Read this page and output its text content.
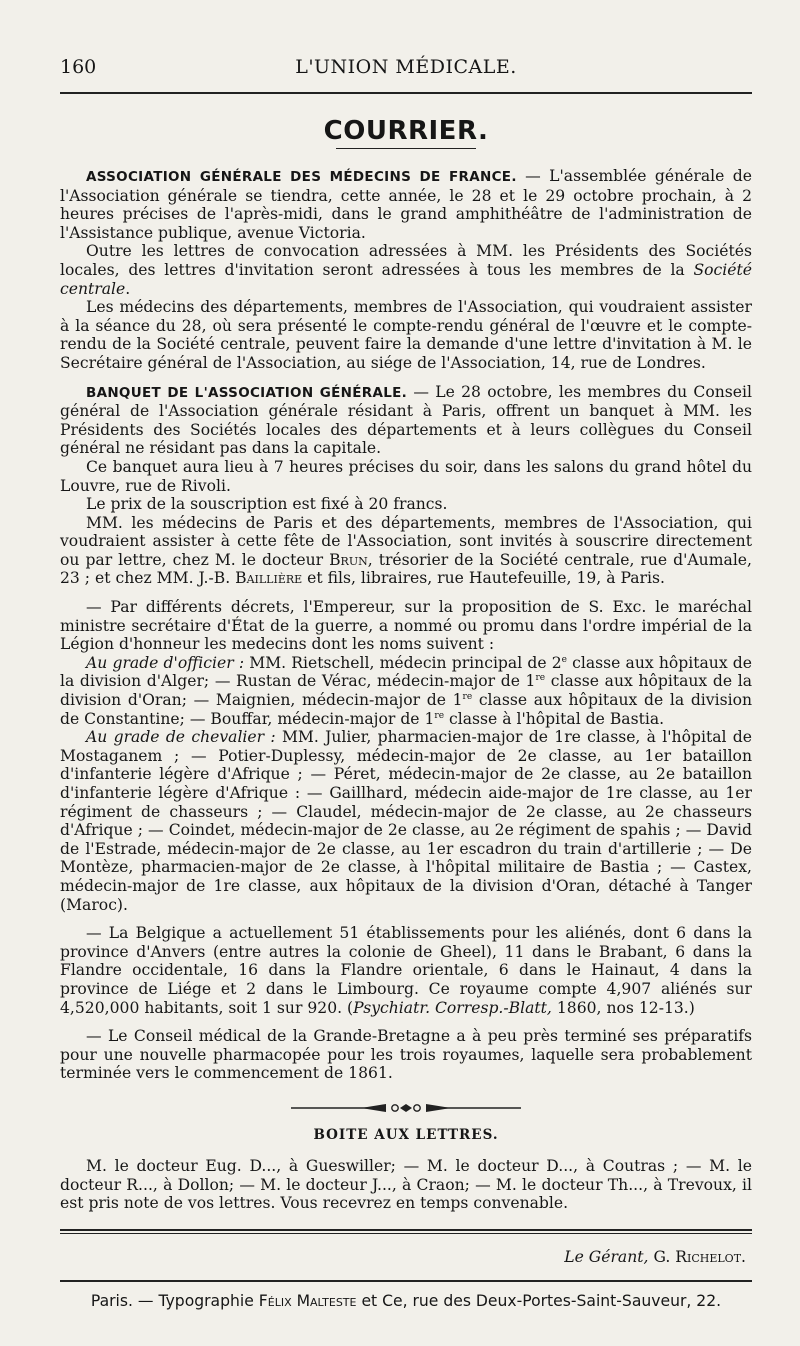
160	L'UNION MÉDICALE.
COURRIER.

ASSOCIATION GÉNÉRALE DES MÉDECINS DE FRANCE. — L'assemblée générale de l'Association générale se tiendra, cette année, le 28 et le 29 octobre prochain, à 2 heures précises de l'après-midi, dans le grand amphithéâtre de l'administration de l'Assistance publique, avenue Victoria.

Outre les lettres de convocation adressées à MM. les Présidents des Sociétés locales, des lettres d'invitation seront adressées à tous les membres de la Société centrale.

Les médecins des départements, membres de l'Association, qui voudraient assister à la séance du 28, où sera présenté le compte-rendu général de l'œuvre et le compte-rendu de la Société centrale, peuvent faire la demande d'une lettre d'invitation à M. le Secrétaire général de l'Association, au siége de l'Association, 14, rue de Londres.

BANQUET DE L'ASSOCIATION GÉNÉRALE. — Le 28 octobre, les membres du Conseil général de l'Association générale résidant à Paris, offrent un banquet à MM. les Présidents des Sociétés locales des départements et à leurs collègues du Conseil général ne résidant pas dans la capitale.

Ce banquet aura lieu à 7 heures précises du soir, dans les salons du grand hôtel du Louvre, rue de Rivoli.

Le prix de la souscription est fixé à 20 francs.

MM. les médecins de Paris et des départements, membres de l'Association, qui voudraient assister à cette fête de l'Association, sont invités à souscrire directement ou par lettre, chez M. le docteur Brun, trésorier de la Société centrale, rue d'Aumale, 23 ; et chez MM. J.-B. Baillière et fils, libraires, rue Hautefeuille, 19, à Paris.

— Par différents décrets, l'Empereur, sur la proposition de S. Exc. le maréchal ministre secrétaire d'État de la guerre, a nommé ou promu dans l'ordre impérial de la Légion d'honneur les medecins dont les noms suivent :

Au grade d'officier : MM. Rietschell, médecin principal de 2e classe aux hôpitaux de la division d'Alger; — Rustan de Vérac, médecin-major de 1re classe aux hôpitaux de la division d'Oran; — Maignien, médecin-major de 1re classe aux hôpitaux de la division de Constantine; — Bouffar, médecin-major de 1re classe à l'hôpital de Bastia.

Au grade de chevalier : MM. Julier, pharmacien-major de 1re classe, à l'hôpital de Mostaganem ; — Potier-Duplessy, médecin-major de 2e classe, au 1er bataillon d'infanterie légère d'Afrique ; — Péret, médecin-major de 2e classe, au 2e bataillon d'infanterie légère d'Afrique : — Gaillhard, médecin aide-major de 1re classe, au 1er régiment de chasseurs ; — Claudel, médecin-major de 2e classe, au 2e chasseurs d'Afrique ; — Coindet, médecin-major de 2e classe, au 2e régiment de spahis ; — David de l'Estrade, médecin-major de 2e classe, au 1er escadron du train d'artillerie ; — De Montèze, pharmacien-major de 2e classe, à l'hôpital militaire de Bastia ; — Castex, médecin-major de 1re classe, aux hôpitaux de la division d'Oran, détaché à Tanger (Maroc).

— La Belgique a actuellement 51 établissements pour les aliénés, dont 6 dans la province d'Anvers (entre autres la colonie de Gheel), 11 dans le Brabant, 6 dans la Flandre occidentale, 16 dans la Flandre orientale, 6 dans le Hainaut, 4 dans la province de Liége et 2 dans le Limbourg. Ce royaume compte 4,907 aliénés sur 4,520,000 habitants, soit 1 sur 920. (Psychiatr. Corresp.-Blatt, 1860, nos 12-13.)

— Le Conseil médical de la Grande-Bretagne a à peu près terminé ses préparatifs pour une nouvelle pharmacopée pour les trois royaumes, laquelle sera probablement terminée vers le commencement de 1861.

BOITE AUX LETTRES.

M. le docteur Eug. D..., à Gueswiller; — M. le docteur D..., à Coutras ; — M. le docteur R..., à Dollon; — M. le docteur J..., à Craon; — M. le docteur Th..., à Trevoux, il est pris note de vos lettres. Vous recevrez en temps convenable.

Le Gérant, G. Richelot.
Paris. — Typographie Félix Malteste et Ce, rue des Deux-Portes-Saint-Sauveur, 22.
